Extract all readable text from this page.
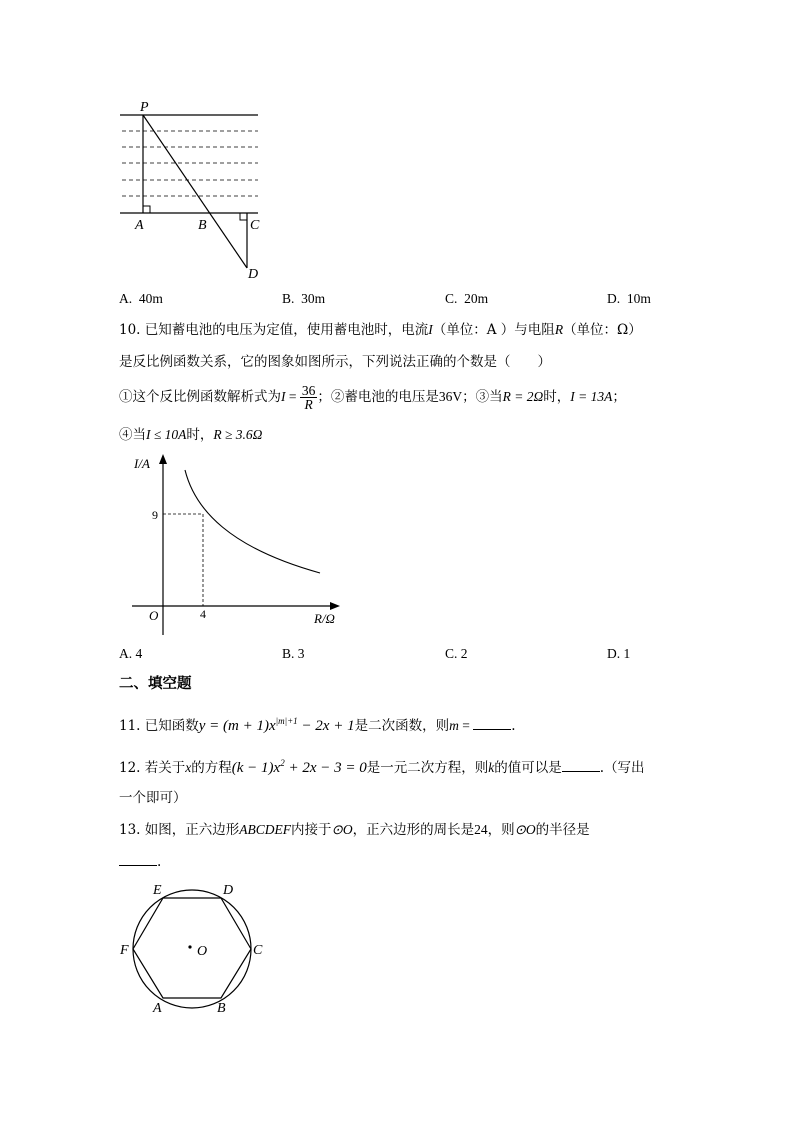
P
A	B	C
D
A. 40m	B. 30m	C. 20m	D. 10m
10. 已知蓄电池的电压为定值，使用蓄电池时，电流I（单位：A ）与电阻R（单位：Ω）
是反比例函数关系，它的图象如图所示，下列说法正确的个数是（　　）
①这个反比例函数解析式为$I = \frac{36}{R}$ ；②蓄电池的电压是36V；③当R = 2Ω时，I = 13A；
④当I ≤ 10A时，R ≥ 3.6Ω
I/A
R/Ω
O
9
4
A. 4	B. 3	C. 2	D. 1
二、填空题
11. 已知函数$y = (m + 1)x^{|m|+1} - 2x + 1$是二次函数，则m =	.
12. 若关于x的方程$(k - 1)x^2 + 2x - 3 = 0$是一元二次方程，则k的值可以是	.（写出
一个即可）
13. 如图，正六边形ABCDEF内接于⊙O，正六边形的周长是24，则⊙O的半径是
.
O
E	D
F	C
A	B
